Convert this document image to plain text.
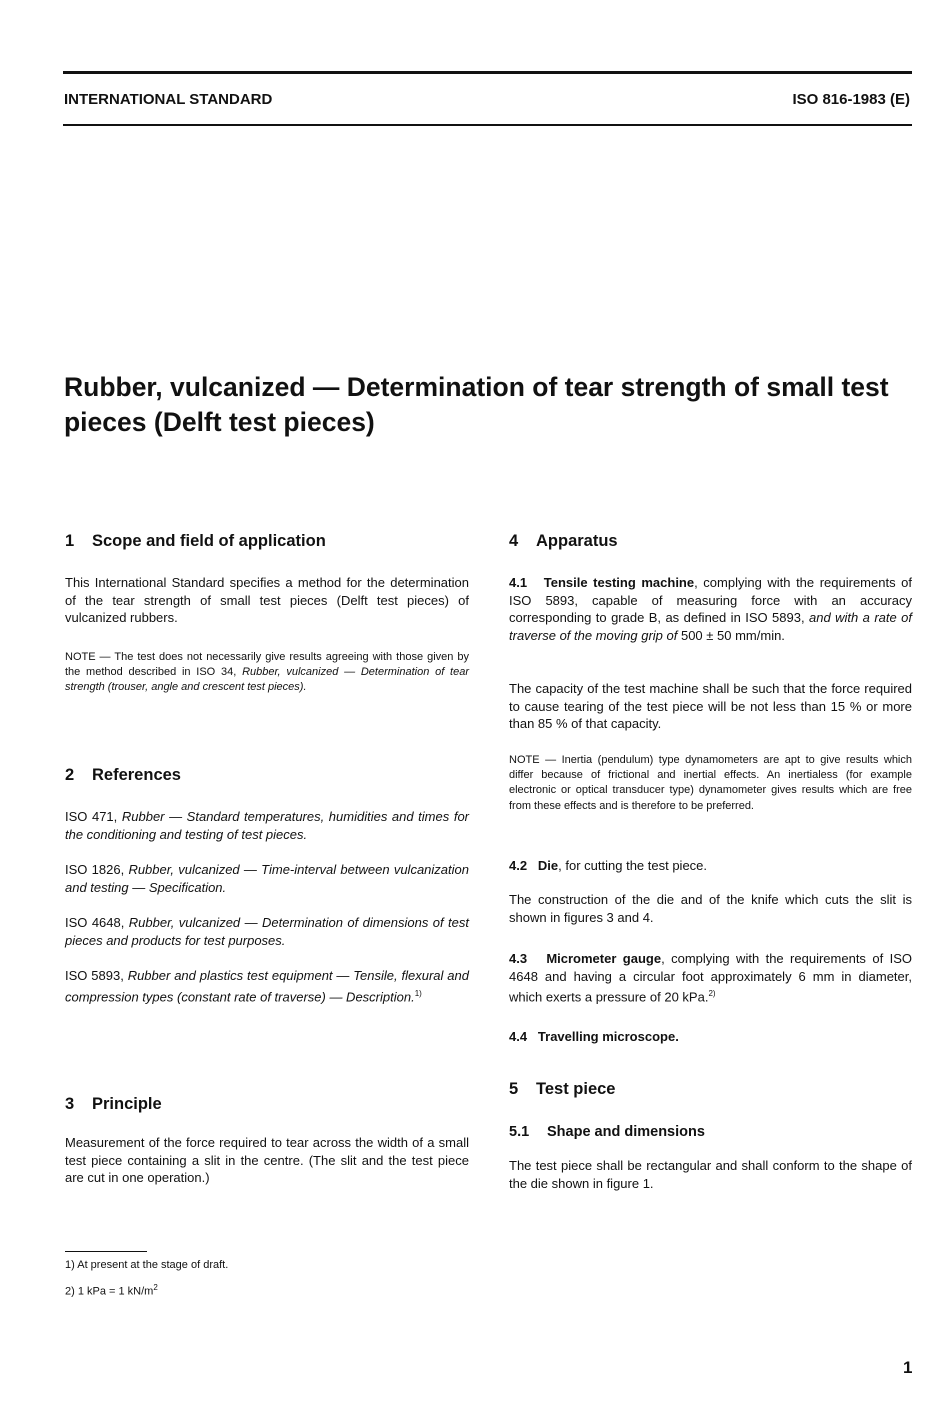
INTERNATIONAL STANDARD	ISO 816-1983 (E)
Rubber, vulcanized — Determination of tear strength of small test pieces (Delft test pieces)
1 Scope and field of application
This International Standard specifies a method for the determination of the tear strength of small test pieces (Delft test pieces) of vulcanized rubbers.
NOTE — The test does not necessarily give results agreeing with those given by the method described in ISO 34, Rubber, vulcanized — Determination of tear strength (trouser, angle and crescent test pieces).
2 References
ISO 471, Rubber — Standard temperatures, humidities and times for the conditioning and testing of test pieces.
ISO 1826, Rubber, vulcanized — Time-interval between vulcanization and testing — Specification.
ISO 4648, Rubber, vulcanized — Determination of dimensions of test pieces and products for test purposes.
ISO 5893, Rubber and plastics test equipment — Tensile, flexural and compression types (constant rate of traverse) — Description.$^{1)}$
3 Principle
Measurement of the force required to tear across the width of a small test piece containing a slit in the centre. (The slit and the test piece are cut in one operation.)
1) At present at the stage of draft.
2) 1 kPa = 1 $kN/m^2$
4 Apparatus
4.1 Tensile testing machine, complying with the requirements of ISO 5893, capable of measuring force with an accuracy corresponding to grade B, as defined in ISO 5893, and with a rate of traverse of the moving grip of 500 ± 50 mm/min.
The capacity of the test machine shall be such that the force required to cause tearing of the test piece will be not less than 15 % or more than 85 % of that capacity.
NOTE — Inertia (pendulum) type dynamometers are apt to give results which differ because of frictional and inertial effects. An inertialess (for example electronic or optical transducer type) dynamometer gives results which are free from these effects and is therefore to be preferred.
4.2 Die, for cutting the test piece.
The construction of the die and of the knife which cuts the slit is shown in figures 3 and 4.
4.3 Micrometer gauge, complying with the requirements of ISO 4648 and having a circular foot approximately 6 mm in diameter, which exerts a pressure of 20 kPa.$^{2)}$
4.4 Travelling microscope.
5 Test piece
5.1 Shape and dimensions
The test piece shall be rectangular and shall conform to the shape of the die shown in figure 1.
1
